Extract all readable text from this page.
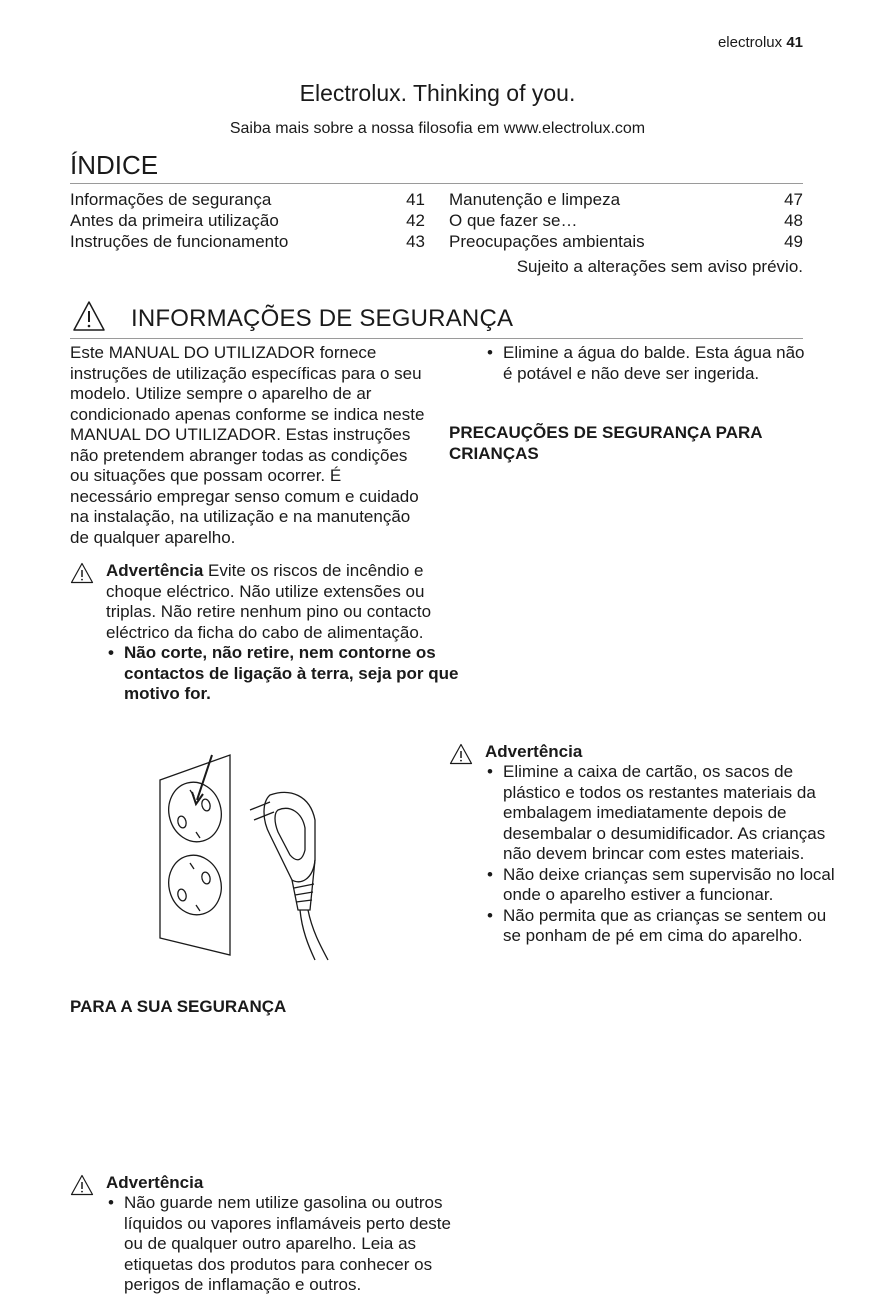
electrolux 41
Electrolux. Thinking of you.
Saiba mais sobre a nossa filosofia em www.electrolux.com
ÍNDICE
Informações de segurança	41
Antes da primeira utilização	42
Instruções de funcionamento	43
Manutenção e limpeza	47
O que fazer se…	48
Preocupações ambientais	49
Sujeito a alterações sem aviso prévio.
INFORMAÇÕES DE SEGURANÇA
Este MANUAL DO UTILIZADOR fornece instruções de utilização específicas para o seu modelo. Utilize sempre o aparelho de ar condicionado apenas conforme se indica neste MANUAL DO UTILIZADOR. Estas instruções não pretendem abranger todas as condições ou situações que possam ocorrer. É necessário empregar senso comum e cuidado na instalação, na utilização e na manutenção de qualquer aparelho.
Advertência Evite os riscos de incêndio e choque eléctrico. Não utilize extensões ou triplas. Não retire nenhum pino ou contacto eléctrico da ficha do cabo de alimentação.
• Não corte, não retire, nem contorne os contactos de ligação à terra, seja por que motivo for.
PARA A SUA SEGURANÇA
Advertência
• Não guarde nem utilize gasolina ou outros líquidos ou vapores inflamáveis perto deste ou de qualquer outro aparelho. Leia as etiquetas dos produtos para conhecer os perigos de inflamação e outros.
• Elimine a água do balde. Esta água não é potável e não deve ser ingerida.
PRECAUÇÕES DE SEGURANÇA PARA CRIANÇAS
Advertência
• Elimine a caixa de cartão, os sacos de plástico e todos os restantes materiais da embalagem imediatamente depois de desembalar o desumidificador. As crianças não devem brincar com estes materiais.
• Não deixe crianças sem supervisão no local onde o aparelho estiver a funcionar.
• Não permita que as crianças se sentem ou se ponham de pé em cima do aparelho.
